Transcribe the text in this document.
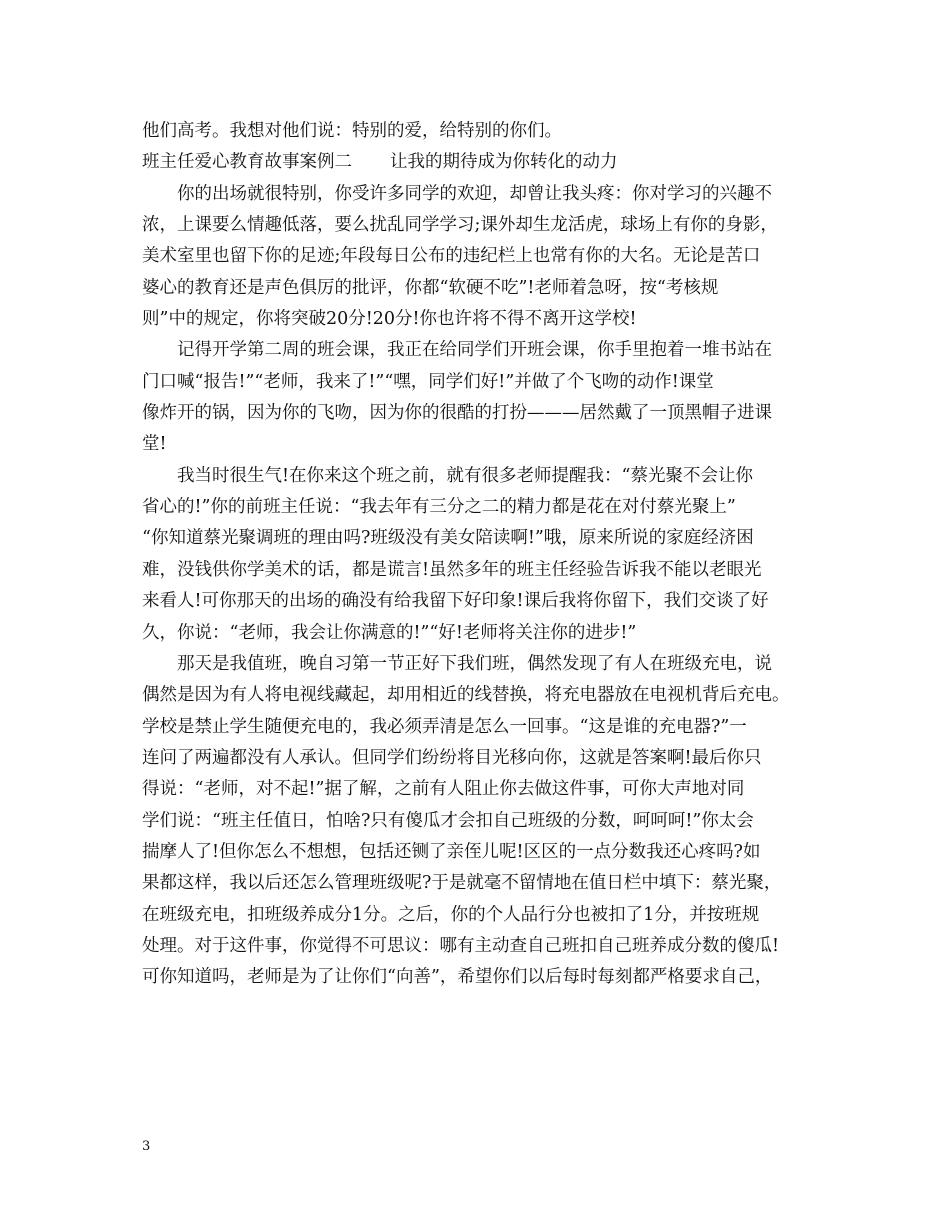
他们高考。我想对他们说：特别的爱，给特别的你们。
班主任爱心教育故事案例二 让我的期待成为你转化的动力
你的出场就很特别，你受许多同学的欢迎，却曾让我头疼：你对学习的兴趣不
浓，上课要么情趣低落，要么扰乱同学学习;课外却生龙活虎，球场上有你的身影，
美术室里也留下你的足迹;年段每日公布的违纪栏上也常有你的大名。无论是苦口
婆心的教育还是声色俱厉的批评，你都“软硬不吃”!老师着急呀，按“考核规
则”中的规定，你将突破20分!20分!你也许将不得不离开这学校!
记得开学第二周的班会课，我正在给同学们开班会课，你手里抱着一堆书站在
门口喊“报告!”“老师，我来了!”“嘿，同学们好!”并做了个飞吻的动作!课堂
像炸开的锅，因为你的飞吻，因为你的很酷的打扮———居然戴了一顶黑帽子进课
堂!
我当时很生气!在你来这个班之前，就有很多老师提醒我：“蔡光聚不会让你
省心的!”你的前班主任说：“我去年有三分之二的精力都是花在对付蔡光聚上”
“你知道蔡光聚调班的理由吗?班级没有美女陪读啊!”哦，原来所说的家庭经济困
难，没钱供你学美术的话，都是谎言!虽然多年的班主任经验告诉我不能以老眼光
来看人!可你那天的出场的确没有给我留下好印象!课后我将你留下，我们交谈了好
久，你说：“老师，我会让你满意的!”“好!老师将关注你的进步!”
那天是我值班，晚自习第一节正好下我们班，偶然发现了有人在班级充电，说
偶然是因为有人将电视线藏起，却用相近的线替换，将充电器放在电视机背后充电。
学校是禁止学生随便充电的，我必须弄清是怎么一回事。“这是谁的充电器?”一
连问了两遍都没有人承认。但同学们纷纷将目光移向你，这就是答案啊!最后你只
得说：“老师，对不起!”据了解，之前有人阻止你去做这件事，可你大声地对同
学们说：“班主任值日，怕啥?只有傻瓜才会扣自己班级的分数，呵呵呵!”你太会
揣摩人了!但你怎么不想想，包括还铡了亲侄儿呢!区区的一点分数我还心疼吗?如
果都这样，我以后还怎么管理班级呢?于是就毫不留情地在值日栏中填下：蔡光聚，
在班级充电，扣班级养成分1分。之后，你的个人品行分也被扣了1分，并按班规
处理。对于这件事，你觉得不可思议：哪有主动查自己班扣自己班养成分数的傻瓜!
可你知道吗，老师是为了让你们“向善”，希望你们以后每时每刻都严格要求自己，
3
